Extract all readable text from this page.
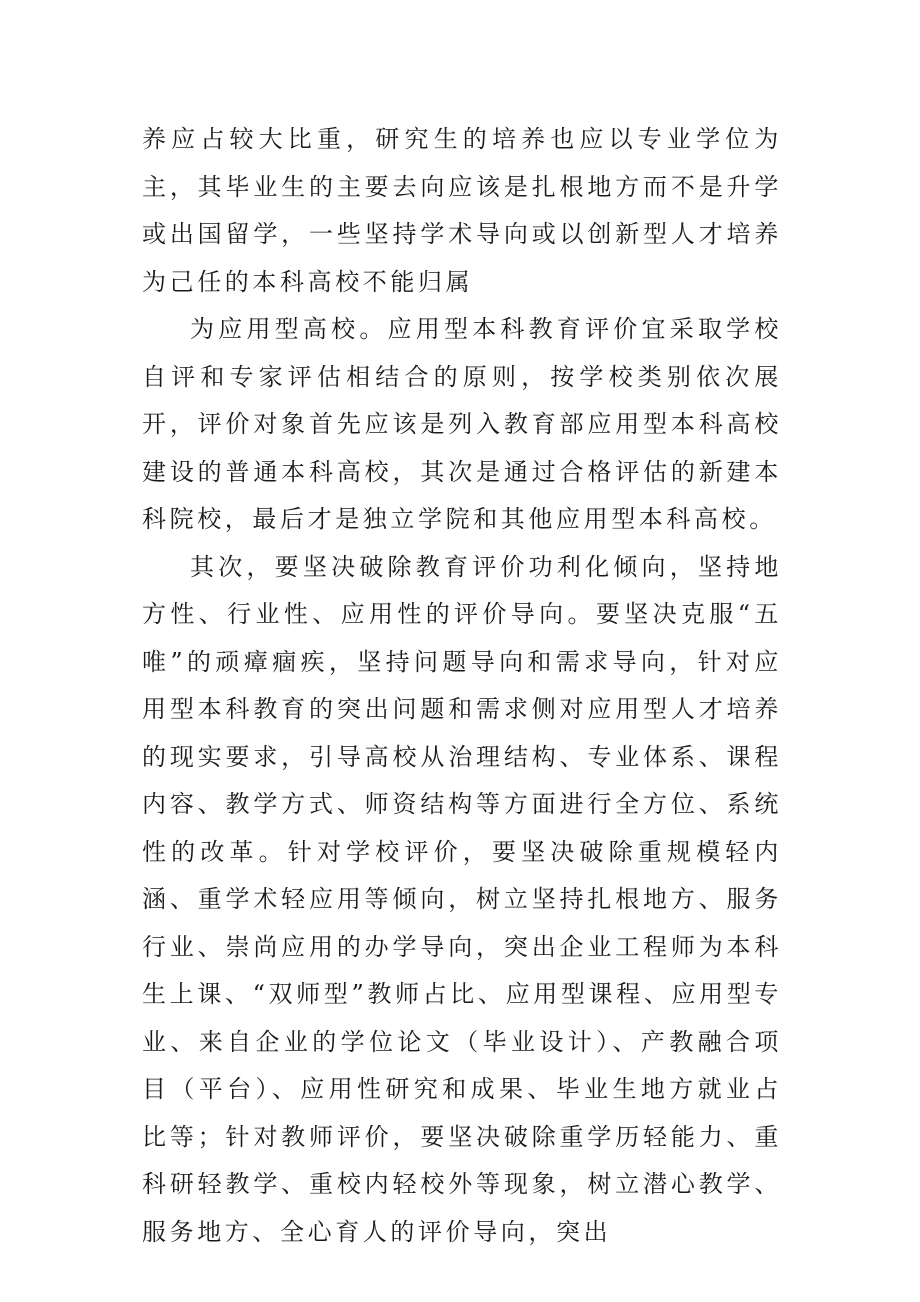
养应占较大比重，研究生的培养也应以专业学位为主，其毕业生的主要去向应该是扎根地方而不是升学或出国留学，一些坚持学术导向或以创新型人才培养为己任的本科高校不能归属

为应用型高校。应用型本科教育评价宜采取学校自评和专家评估相结合的原则，按学校类别依次展开，评价对象首先应该是列入教育部应用型本科高校建设的普通本科高校，其次是通过合格评估的新建本科院校，最后才是独立学院和其他应用型本科高校。

其次，要坚决破除教育评价功利化倾向，坚持地方性、行业性、应用性的评价导向。要坚决克服“五唯”的顽瘴痼疾，坚持问题导向和需求导向，针对应用型本科教育的突出问题和需求侧对应用型人才培养的现实要求，引导高校从治理结构、专业体系、课程内容、教学方式、师资结构等方面进行全方位、系统性的改革。针对学校评价，要坚决破除重规模轻内涵、重学术轻应用等倾向，树立坚持扎根地方、服务行业、崇尚应用的办学导向，突出企业工程师为本科生上课、“双师型”教师占比、应用型课程、应用型专业、来自企业的学位论文（毕业设计）、产教融合项目（平台）、应用性研究和成果、毕业生地方就业占比等；针对教师评价，要坚决破除重学历轻能力、重科研轻教学、重校内轻校外等现象，树立潜心教学、服务地方、全心育人的评价导向，突出
